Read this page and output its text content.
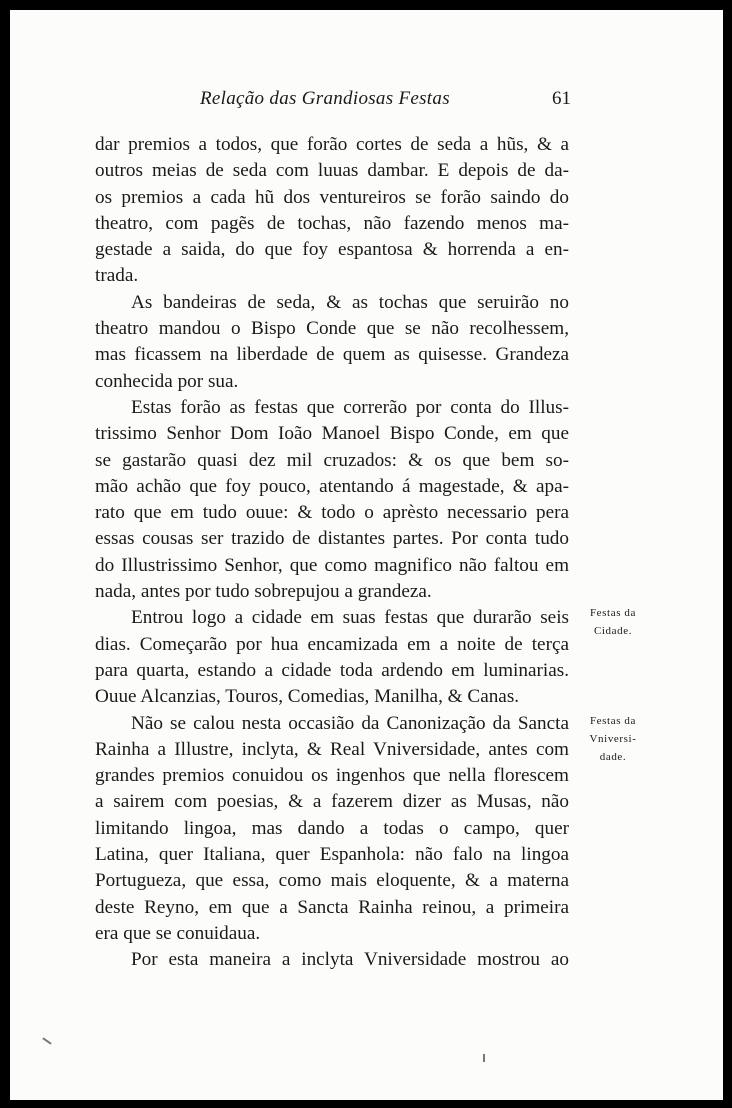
Relação das Grandiosas Festas	61
dar premios a todos, que forão cortes de seda a hũs, & a
outros meias de seda com luuas dambar. E depois de da-
os premios a cada hũ dos ventureiros se forão saindo do
theatro, com pagẽs de tochas, não fazendo menos ma-
gestade a saida, do que foy espantosa & horrenda a en-
trada.
As bandeiras de seda, & as tochas que seruirão no
theatro mandou o Bispo Conde que se não recolhessem,
mas ficassem na liberdade de quem as quisesse. Grandeza
conhecida por sua.
Estas forão as festas que correrão por conta do Illus-
trissimo Senhor Dom Ioão Manoel Bispo Conde, em que
se gastarão quasi dez mil cruzados: & os que bem so-
mão achão que foy pouco, atentando á magestade, & apa-
rato que em tudo ouue: & todo o aprèsto necessario pera
essas cousas ser trazido de distantes partes. Por conta tudo
do Illustrissimo Senhor, que como magnifico não faltou em
nada, antes por tudo sobrepujou a grandeza.
Entrou logo a cidade em suas festas que durarão seis
dias. Começarão por hua encamizada em a noite de terça
para quarta, estando a cidade toda ardendo em luminarias.
Ouue Alcanzias, Touros, Comedias, Manilha, & Canas.
Não se calou nesta occasião da Canonização da Sancta
Rainha a Illustre, inclyta, & Real Vniversidade, antes com
grandes premios conuidou os ingenhos que nella florescem
a sairem com poesias, & a fazerem dizer as Musas, não
limitando lingoa, mas dando a todas o campo, quer
Latina, quer Italiana, quer Espanhola: não falo na lingoa
Portugueza, que essa, como mais eloquente, & a materna
deste Reyno, em que a Sancta Rainha reinou, a primeira
era que se conuidaua.
Por esta maneira a inclyta Vniversidade mostrou ao
Festas da
Cidade.
Festas da
Vniversi-
dade.
